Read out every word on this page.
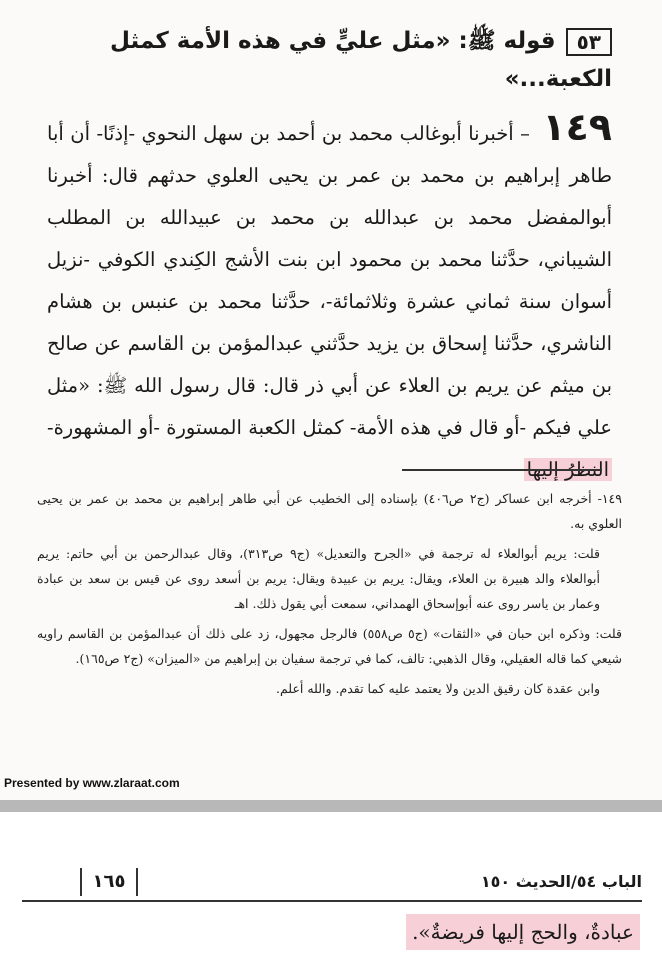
٥٣قوله ﷺ: «مثل عليٍّ في هذه الأمة كمثل الكعبة...»
١٤٩ – أخبرنا أبوغالب محمد بن أحمد بن سهل النحوي -إذنًا- أن أبا طاهر إبراهيم بن محمد بن عمر بن يحيى العلوي حدثهم قال: أخبرنا أبوالمفضل محمد بن عبدالله بن محمد بن عبيدالله بن المطلب الشيباني، حدَّثنا محمد بن محمود ابن بنت الأشج الكِندي الكوفي -نزيل أسوان سنة ثماني عشرة وثلاثمائة-، حدَّثنا محمد بن عنبس بن هشام الناشري، حدَّثنا إسحاق بن يزيد حدَّثني عبدالمؤمن بن القاسم عن صالح بن ميثم عن يريم بن العلاء عن أبي ذر قال: قال رسول الله ﷺ: «مثل علي فيكم -أو قال في هذه الأمة- كمثل الكعبة المستورة -أو المشهورة- النظرُ إليها

١٤٩- أخرجه ابن عساكر (ج٢ ص٤٠٦) بإسناده إلى الخطيب عن أبي طاهر إبراهيم بن محمد بن عمر بن يحيى العلوي به.

قلت: يريم أبوالعلاء له ترجمة في «الجرح والتعديل» (ج٩ ص٣١٣)، وقال عبدالرحمن بن أبي حاتم: يريم أبوالعلاء والد هبيرة بن العلاء، ويقال: يريم بن عبيدة ويقال: يريم بن أسعد روى عن قيس بن سعد بن عبادة وعمار بن ياسر روى عنه أبوإسحاق الهمداني، سمعت أبي يقول ذلك. اهـ

قلت: وذكره ابن حبان في «الثقات» (ج٥ ص٥٥٨) فالرجل مجهول، زد على ذلك أن عبدالمؤمن بن القاسم راويه شيعي كما قاله العقيلي، وقال الذهبي: تالف، كما في ترجمة سفيان بن إبراهيم من «الميزان» (ج٢ ص١٦٥).

وابن عقدة كان رقيق الدين ولا يعتمد عليه كما تقدم. والله أعلم.

Presented by www.zlaraat.com
الباب ٥٤/الحديث ١٥٠
١٦٥
عبادةٌ، والحج إليها فريضةٌ».
